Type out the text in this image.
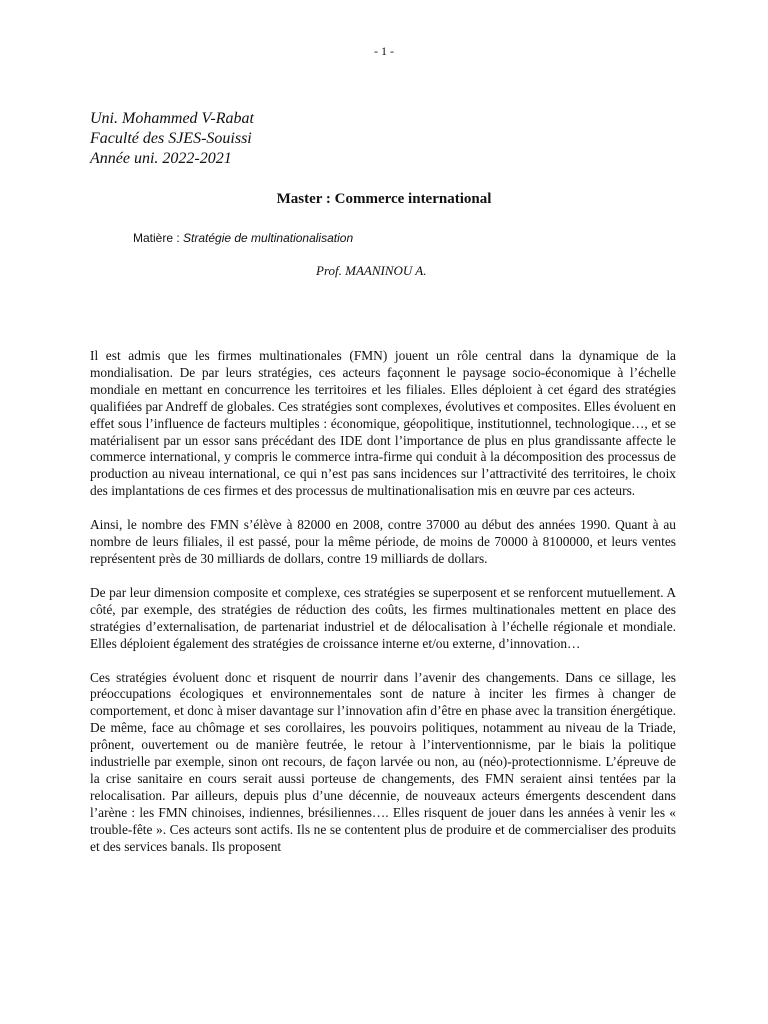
- 1 -
Uni. Mohammed V-Rabat
Faculté des SJES-Souissi
Année uni. 2022-2021
Master : Commerce international
Matière : Stratégie de multinationalisation
Prof. MAANINOU A.

Il est admis que les firmes multinationales (FMN) jouent un rôle central dans la dynamique de la mondialisation. De par leurs stratégies, ces acteurs façonnent le paysage socio-économique à l’échelle mondiale en mettant en concurrence les territoires et les filiales. Elles déploient à cet égard des stratégies qualifiées par Andreff de globales. Ces stratégies sont complexes, évolutives et composites. Elles évoluent en effet sous l’influence de facteurs multiples : économique, géopolitique, institutionnel, technologique…, et se matérialisent par un essor sans précédant des IDE dont l’importance de plus en plus grandissante affecte le commerce international, y compris le commerce intra-firme qui conduit à la décomposition des processus de production au niveau international, ce qui n’est pas sans incidences sur l’attractivité des territoires, le choix des implantations de ces firmes et des processus de multinationalisation mis en œuvre par ces acteurs.

Ainsi, le nombre des FMN s’élève à 82000 en 2008, contre 37000 au début des années 1990. Quant à au nombre de leurs filiales, il est passé, pour la même période, de moins de 70000 à 8100000, et leurs ventes représentent près de 30 milliards de dollars, contre 19 milliards de dollars.

De par leur dimension composite et complexe, ces stratégies se superposent et se renforcent mutuellement. A côté, par exemple, des stratégies de réduction des coûts, les firmes multinationales mettent en place des stratégies d’externalisation, de partenariat industriel et de délocalisation à l’échelle régionale et mondiale. Elles déploient également des stratégies de croissance interne et/ou externe, d’innovation…

Ces stratégies évoluent donc et risquent de nourrir dans l’avenir des changements. Dans ce sillage, les préoccupations écologiques et environnementales sont de nature à inciter les firmes à changer de comportement, et donc à miser davantage sur l’innovation afin d’être en phase avec la transition énergétique. De même, face au chômage et ses corollaires, les pouvoirs politiques, notamment au niveau de la Triade, prônent, ouvertement ou de manière feutrée, le retour à l’interventionnisme, par le biais la politique industrielle par exemple, sinon ont recours, de façon larvée ou non, au (néo)-protectionnisme. L’épreuve de la crise sanitaire en cours serait aussi porteuse de changements, des FMN seraient ainsi tentées par la relocalisation. Par ailleurs, depuis plus d’une décennie, de nouveaux acteurs émergents descendent dans l’arène : les FMN chinoises, indiennes, brésiliennes…. Elles risquent de jouer dans les années à venir les « trouble-fête ». Ces acteurs sont actifs. Ils ne se contentent plus de produire et de commercialiser des produits et des services banals. Ils proposent
